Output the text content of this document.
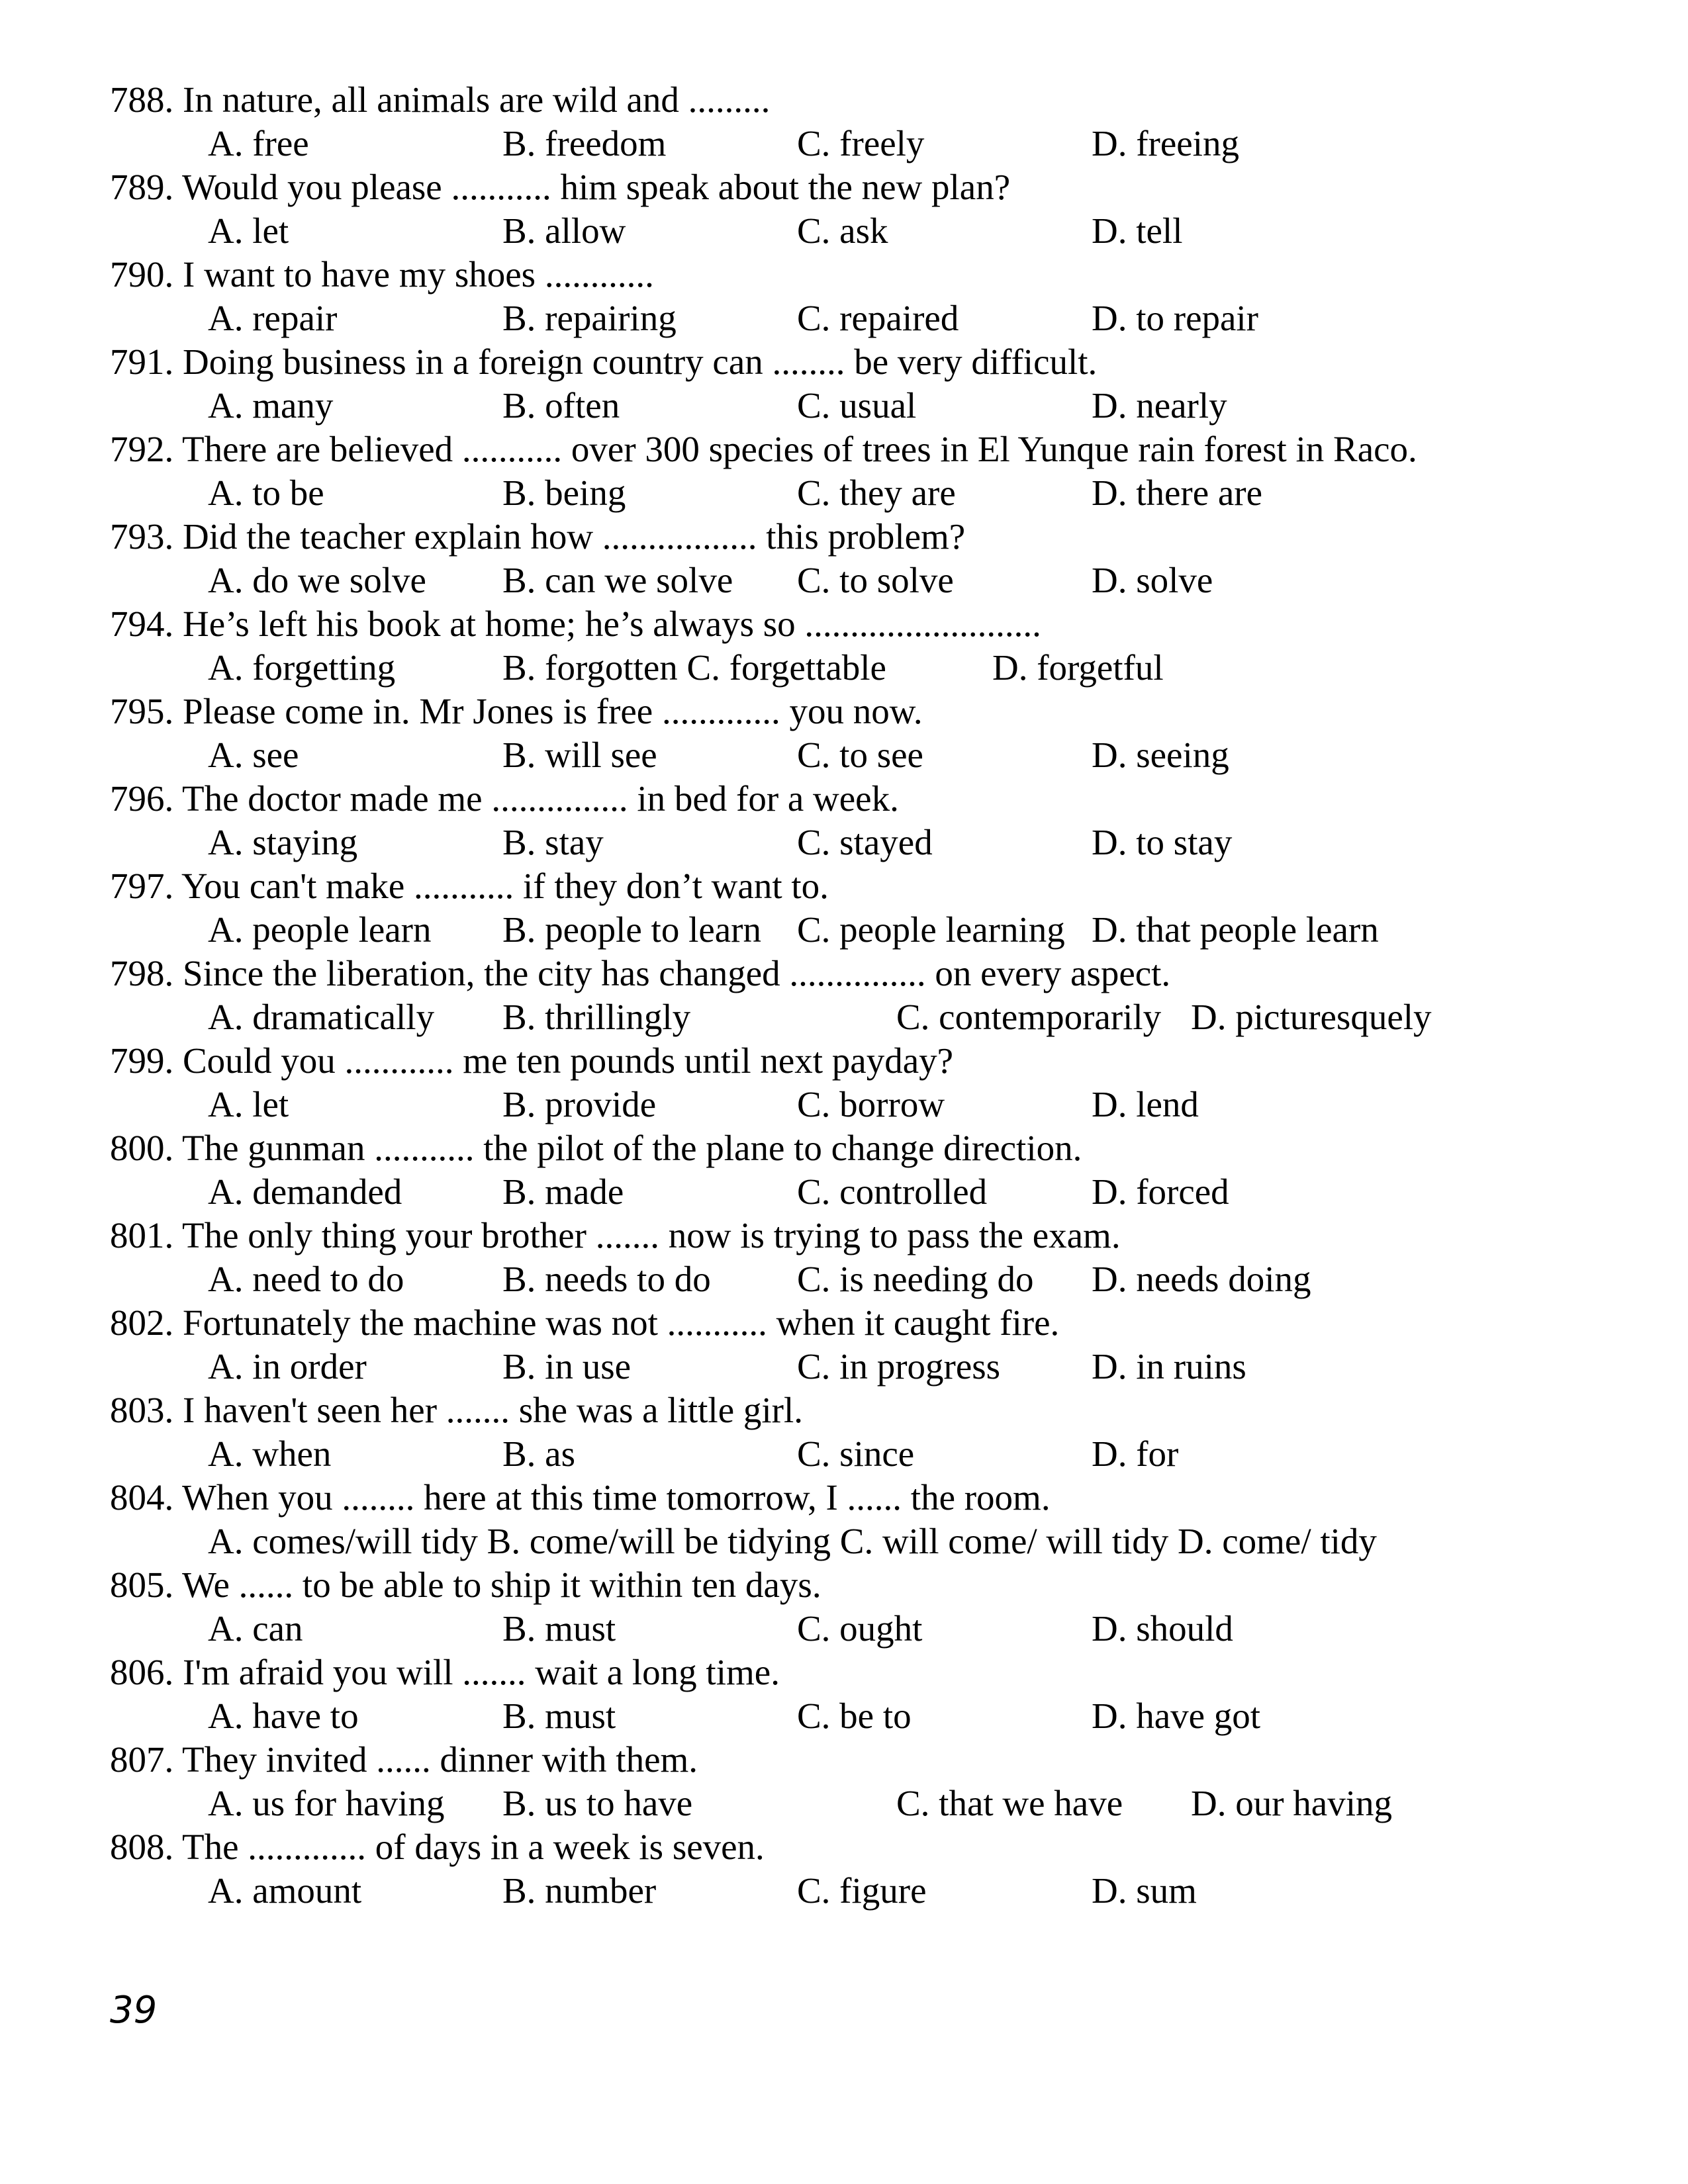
788. In nature, all animals are wild and .........
A. free	B. freedom	C. freely	D. freeing
789. Would you please ........... him speak about the new plan?
A. let	B. allow	C. ask	D. tell
790. I want to have my shoes ............
A. repair	B. repairing	C. repaired	D. to repair
791. Doing business in a foreign country can ........ be very difficult.
A. many	B. often	C. usual	D. nearly
792. There are believed ........... over 300 species of trees in El Yunque rain forest in Raco.
A. to be	B. being	C. they are	D. there are
793. Did the teacher explain how ................. this problem?
A. do we solve B. can we solve C. to solve	D. solve
794. He’s left his book at home; he’s always so ..........................
A. forgetting	B. forgotten C. forgettable	D. forgetful
795. Please come in. Mr Jones is free ............. you now.
A. see	B. will see	C. to see	D. seeing
796. The doctor made me ............... in bed for a week.
A. staying	B. stay	C. stayed	D. to stay
797. You can't make ........... if they don’t want to.
A. people learn B. people to learn C. people learning D. that people learn
798. Since the liberation, the city has changed ............... on every aspect.
A. dramatically B. thrillingly	C. contemporarily D. picturesquely
799. Could you ............ me ten pounds until next payday?
A. let	B. provide	C. borrow	D. lend
800. The gunman ........... the pilot of the plane to change direction.
A. demanded	B. made	C. controlled	D. forced
801. The only thing your brother ....... now is trying to pass the exam.
A. need to do	B. needs to do C. is needing do D. needs doing
802. Fortunately the machine was not ........... when it caught fire.
A. in order	B. in use	C. in progress	D. in ruins
803. I haven't seen her ....... she was a little girl.
A. when	B. as	C. since	D. for
804. When you ........ here at this time tomorrow, I ...... the room.
A. comes/will tidy B. come/will be tidying C. will come/ will tidy D. come/ tidy
805. We ...... to be able to ship it within ten days.
A. can	B. must	C. ought	D. should
806. I'm afraid you will ....... wait a long time.
A. have to	B. must	C. be to	D. have got
807. They invited ...... dinner with them.
A. us for having B. us to have	C. that we have D. our having
808. The ............. of days in a week is seven.
A. amount	B. number	C. figure	D. sum
39
